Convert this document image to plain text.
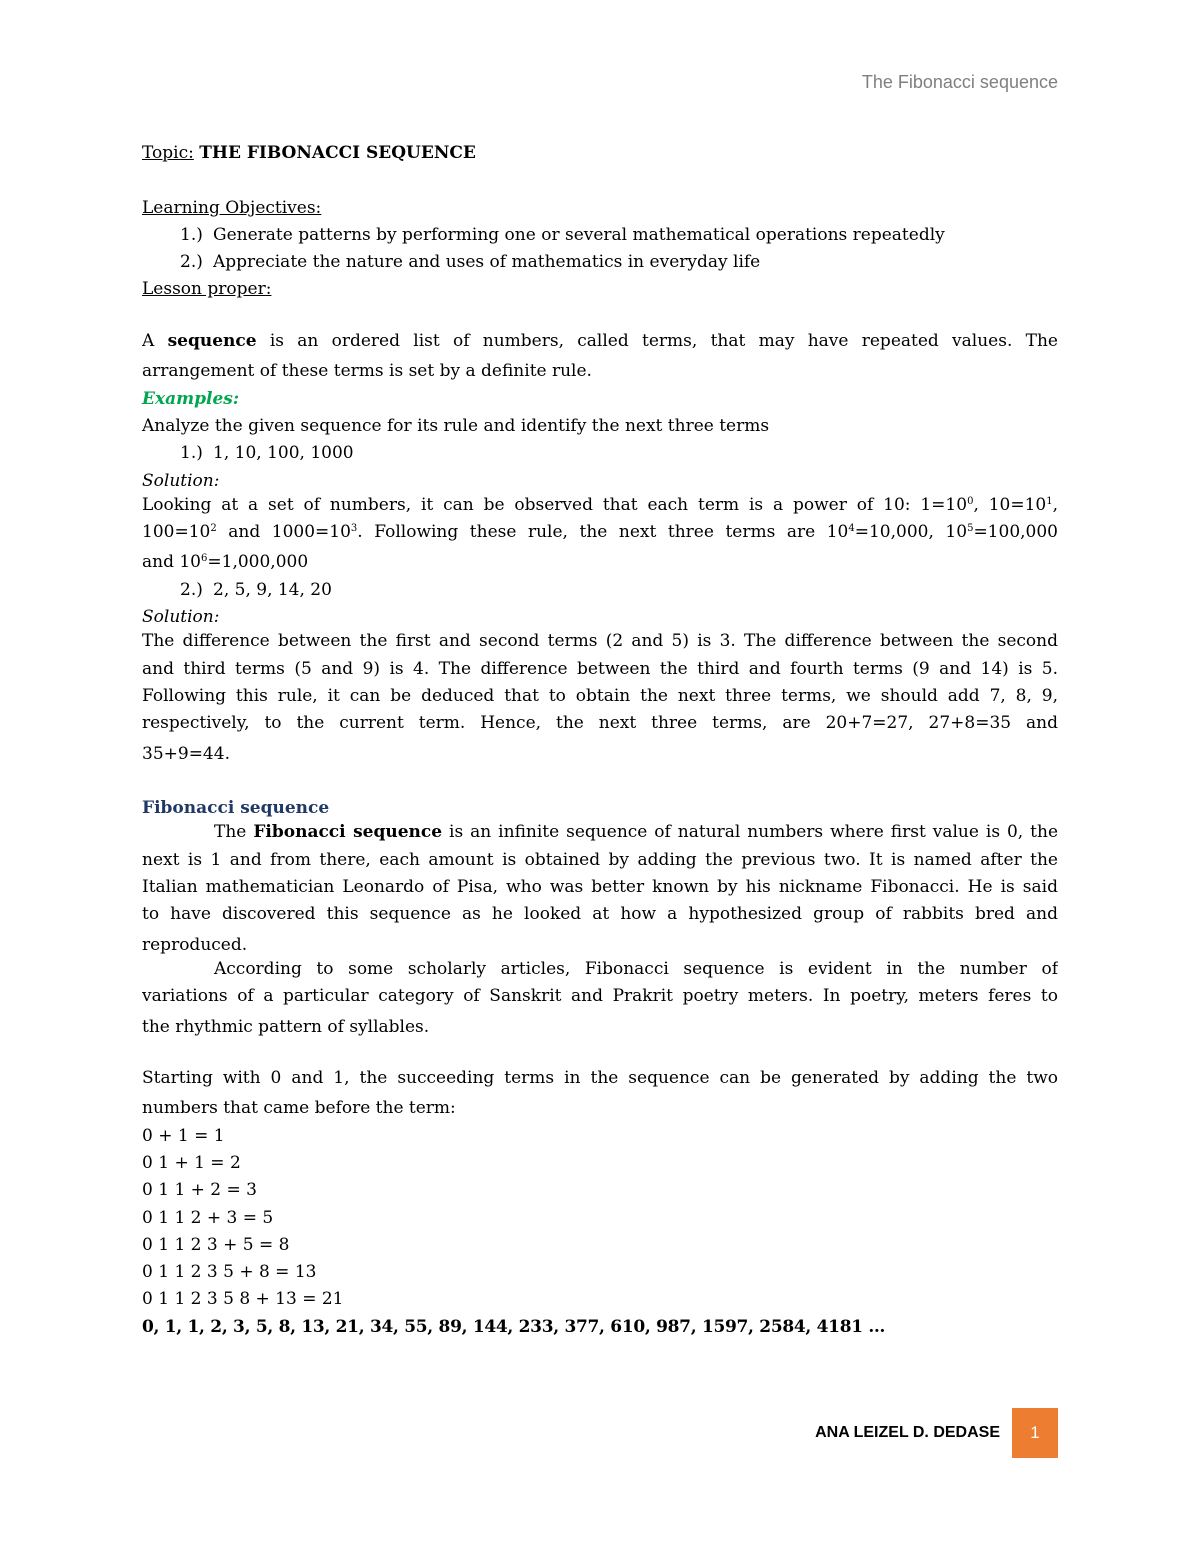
The Fibonacci sequence
Topic: THE FIBONACCI SEQUENCE
Learning Objectives:
1.) Generate patterns by performing one or several mathematical operations repeatedly
2.) Appreciate the nature and uses of mathematics in everyday life
Lesson proper:
A sequence is an ordered list of numbers, called terms, that may have repeated values. The
arrangement of these terms is set by a definite rule.
Examples:
Analyze the given sequence for its rule and identify the next three terms
1.) 1, 10, 100, 1000
Solution:
Looking at a set of numbers, it can be observed that each term is a power of 10: $1=10^0$, $10=10^1$,
$100=10^2$ and $1000=10^3$. Following these rule, the next three terms are $10^4=10,000$, $10^5=100,000$
and $10^6=1,000,000$
2.) 2, 5, 9, 14, 20
Solution:
The difference between the first and second terms (2 and 5) is 3. The difference between the second
and third terms (5 and 9) is 4. The difference between the third and fourth terms (9 and 14) is 5.
Following this rule, it can be deduced that to obtain the next three terms, we should add 7, 8, 9,
respectively, to the current term. Hence, the next three terms, are 20+7=27, 27+8=35 and
35+9=44.
Fibonacci sequence
The Fibonacci sequence is an infinite sequence of natural numbers where first value is 0, the
next is 1 and from there, each amount is obtained by adding the previous two. It is named after the
Italian mathematician Leonardo of Pisa, who was better known by his nickname Fibonacci. He is said
to have discovered this sequence as he looked at how a hypothesized group of rabbits bred and
reproduced.
According to some scholarly articles, Fibonacci sequence is evident in the number of
variations of a particular category of Sanskrit and Prakrit poetry meters. In poetry, meters feres to
the rhythmic pattern of syllables.
Starting with 0 and 1, the succeeding terms in the sequence can be generated by adding the two
numbers that came before the term:
0 + 1 = 1
0 1 + 1 = 2
0 1 1 + 2 = 3
0 1 1 2 + 3 = 5
0 1 1 2 3 + 5 = 8
0 1 1 2 3 5 + 8 = 13
0 1 1 2 3 5 8 + 13 = 21
0, 1, 1, 2, 3, 5, 8, 13, 21, 34, 55, 89, 144, 233, 377, 610, 987, 1597, 2584, 4181 …
ANA LEIZEL D. DEDASE	1
